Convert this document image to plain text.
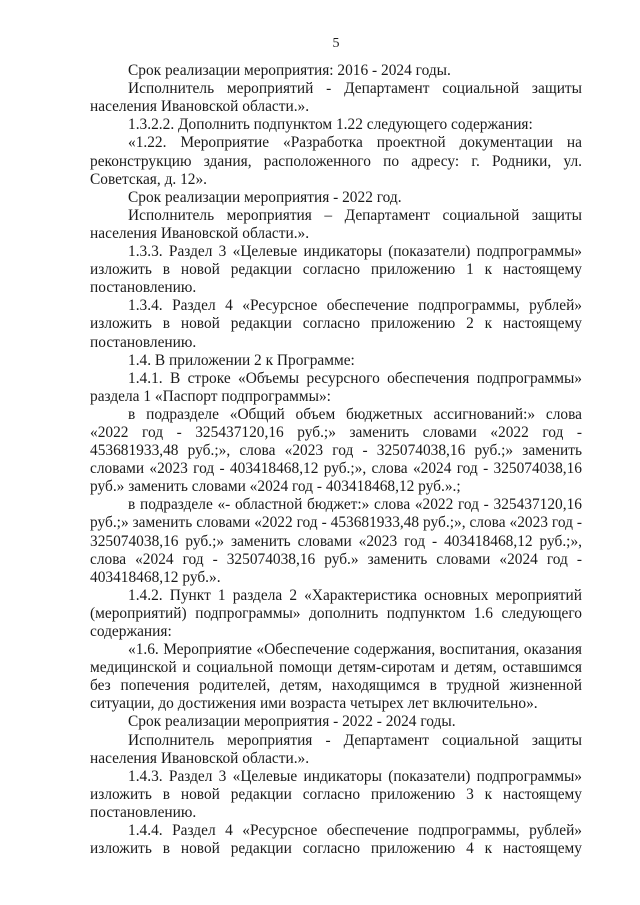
5

Срок реализации мероприятия: 2016 - 2024 годы.

Исполнитель мероприятий - Департамент социальной защиты населения Ивановской области.».

1.3.2.2. Дополнить подпунктом 1.22 следующего содержания:

«1.22. Мероприятие «Разработка проектной документации на реконструкцию здания, расположенного по адресу: г. Родники, ул. Советская, д. 12».

Срок реализации мероприятия - 2022 год.

Исполнитель мероприятия – Департамент социальной защиты населения Ивановской области.».

1.3.3. Раздел 3 «Целевые индикаторы (показатели) подпрограммы» изложить в новой редакции согласно приложению 1 к настоящему постановлению.

1.3.4. Раздел 4 «Ресурсное обеспечение подпрограммы, рублей» изложить в новой редакции согласно приложению 2 к настоящему постановлению.

1.4. В приложении 2 к Программе:

1.4.1. В строке «Объемы ресурсного обеспечения подпрограммы» раздела 1 «Паспорт подпрограммы»:

в подразделе «Общий объем бюджетных ассигнований:» слова «2022 год - 325437120,16 руб.;» заменить словами «2022 год - 453681933,48 руб.;», слова «2023 год - 325074038,16 руб.;» заменить словами «2023 год - 403418468,12 руб.;», слова «2024 год - 325074038,16 руб.» заменить словами «2024 год - 403418468,12 руб.».;

в подразделе «- областной бюджет:» слова «2022 год - 325437120,16 руб.;» заменить словами «2022 год - 453681933,48 руб.;», слова «2023 год - 325074038,16 руб.;» заменить словами «2023 год - 403418468,12 руб.;», слова «2024 год - 325074038,16 руб.» заменить словами «2024 год - 403418468,12 руб.».

1.4.2. Пункт 1 раздела 2 «Характеристика основных мероприятий (мероприятий) подпрограммы» дополнить подпунктом 1.6 следующего содержания:

«1.6. Мероприятие «Обеспечение содержания, воспитания, оказания медицинской и социальной помощи детям-сиротам и детям, оставшимся без попечения родителей, детям, находящимся в трудной жизненной ситуации, до достижения ими возраста четырех лет включительно».

Срок реализации мероприятия - 2022 - 2024 годы.

Исполнитель мероприятия - Департамент социальной защиты населения Ивановской области.».

1.4.3. Раздел 3 «Целевые индикаторы (показатели) подпрограммы» изложить в новой редакции согласно приложению 3 к настоящему постановлению.

1.4.4. Раздел 4 «Ресурсное обеспечение подпрограммы, рублей» изложить в новой редакции согласно приложению 4 к настоящему
